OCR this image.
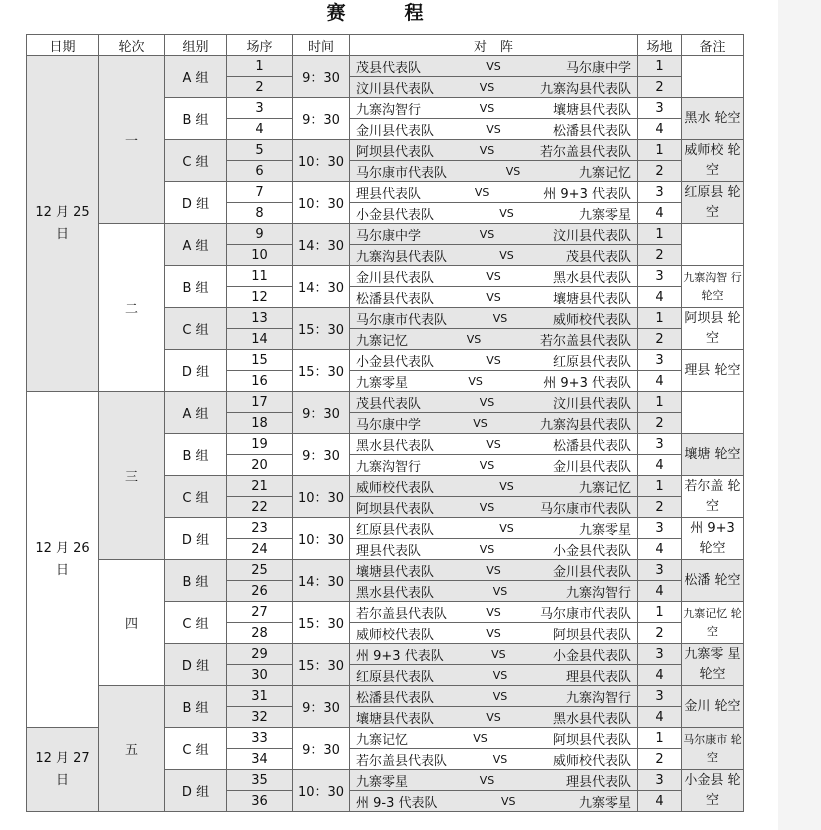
赛　程
日期	轮次	组别	场序	时间	对　阵	场地	备注
12 月 25 日	一	A 组	1	9：30	茂县代表队 VS 马尔康中学	1	
			2		汶川县代表队 VS 九寨沟县代表队	2	
		B 组	3	9：30	九寨沟智行 VS 壤塘县代表队	3	黑水 轮空
			4		金川县代表队 VS 松潘县代表队	4	
		C 组	5	10：30	阿坝县代表队 VS 若尔盖县代表队	1	威师校 轮空
			6		马尔康市代表队 VS 九寨记忆	2	
		D 组	7	10：30	理县代表队 VS 州 9+3 代表队	3	红原县 轮空
			8		小金县代表队 VS 九寨零星	4	
	二	A 组	9	14：30	马尔康中学 VS 汶川县代表队	1	
			10		九寨沟县代表队 VS 茂县代表队	2	
		B 组	11	14：30	金川县代表队 VS 黑水县代表队	3	九寨沟智 行轮空
			12		松潘县代表队 VS 壤塘县代表队	4	
		C 组	13	15：30	马尔康市代表队 VS 威师校代表队	1	阿坝县 轮空
			14		九寨记忆 VS 若尔盖县代表队	2	
		D 组	15	15：30	小金县代表队 VS 红原县代表队	3	理县 轮空
			16		九寨零星 VS 州 9+3 代表队	4	
12 月 26 日	三	A 组	17	9：30	茂县代表队 VS 汶川县代表队	1	
			18		马尔康中学 VS 九寨沟县代表队	2	
		B 组	19	9：30	黑水县代表队 VS 松潘县代表队	3	壤塘 轮空
			20		九寨沟智行 VS 金川县代表队	4	
		C 组	21	10：30	威师校代表队 VS 九寨记忆	1	若尔盖 轮空
			22		阿坝县代表队 VS 马尔康市代表队	2	
		D 组	23	10：30	红原县代表队 VS 九寨零星	3	州 9+3 轮空
			24		理县代表队 VS 小金县代表队	4	
	四	B 组	25	14：30	壤塘县代表队 VS 金川县代表队	3	松潘 轮空
			26		黑水县代表队 VS 九寨沟智行	4	
		C 组	27	15：30	若尔盖县代表队 VS 马尔康市代表队	1	九寨记忆 轮空
			28		威师校代表队 VS 阿坝县代表队	2	
		D 组	29	15：30	州 9+3 代表队 VS 小金县代表队	3	九寨零 星轮空
			30		红原县代表队 VS 理县代表队	4	
	五	B 组	31	9：30	松潘县代表队 VS 九寨沟智行	3	金川 轮空
			32		壤塘县代表队 VS 黑水县代表队	4	
12 月 27 日		C 组	33	9：30	九寨记忆 VS 阿坝县代表队	1	马尔康市 轮空
			34		若尔盖县代表队 VS 威师校代表队	2	
		D 组	35	10：30	九寨零星 VS 理县代表队	3	小金县 轮空
			36		州 9-3 代表队 VS 九寨零星	4	
